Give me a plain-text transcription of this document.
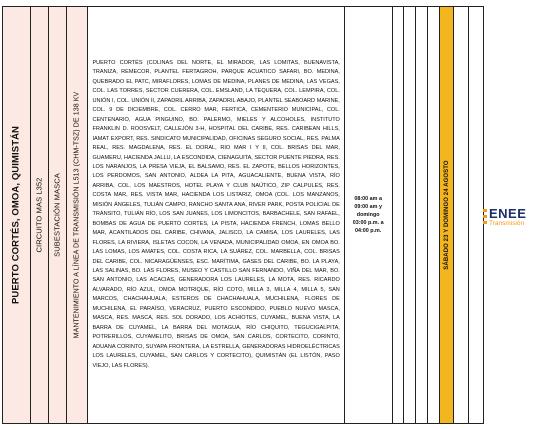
PUERTO CORTÉS, OMOA, QUIMISTÁN CIRCUITO MAS L352 SUBESTACIÓN MASCA MANTENIMIENTO A LÍNEA DE TRANSMISIÓN L513 (CHM-TSZ) DE 138 KV
PUERTO CORTÉS (COLINAS DEL NORTE, EL MIRADOR, LAS LOMITAS, BUENAVISTA, TRANIZA, REMECOR, PLANTEL FERTAGROH, PARQUE ACUATICO SAFARI, BO. MEDINA, QUEBRADO EL PATC, MIRAFLORES, LOMAS DE MEDINA, PLANES DE MEDINA, LAS VEGAS, COL. LAS TORRES, SECTOR CUERERA, COL. EMSLAND, LA TEQUERA, COL. LEMPIRA, COL. UNIÓN I, COL. UNIÓN II, ZAPADRIL ARRIBA, ZAPADRIL ABAJO, PLANTEL SEABOARD MARINE, COL. 9 DE DICIEMBRE, COL. CERRO MAR, FERTICA, CEMENTERIO MUNICIPAL, COL. CENTENARIO, AGUA PINGUINO, BO. PALERMO, MIELES Y ALCOHOLES, INSTITUTO FRANKLIN D. ROOSVELT, CALLEJÓN 3-H, HOSPITAL DEL CARIBE, RES. CARIBEAN HILLS, IAMAT EXPORT, RES. SINDICATO MUNICIPALIDAD, OFICINAS SEGURO SOCIAL, RES. PALMA REAL, RES. MAGDALENA, RES. EL DORAL, RIO MAR I Y II, COL. BRISAS DEL MAR, GUAMERU, HACIENDA JALLU, LA ESCONDIDA, CIENAGUITA, SECTOR PUENTE PIEDRA, RES. LOS NARANJOS, LA PRESA VIEJA, EL BALSAMO, RES. EL ZAPOTE, BELLOS HORIZONTES, LOS PERDOMOS, SAN ANTONIO, ALDEA LA PITA, AGUACALIENTE, BUENA VISTA, RÍO ARRIBA, COL. LOS MAESTROS, HOTEL PLAYA Y CLUB NAÚTICO, ZIP CALPULES, RES. COSTA MAR, RES. VISTA MAR, HACIENDA LOS LISTARIZ, OMOA (COL. LOS MANZANOS, MISIÓN ÁNGELES, TULIÁN CAMPO, RANCHO SANTA ANA, RIVER PARK, POSTA POLICIAL DE TRÁNSITO, TULIÁN RÍO, LOS SAN JUANES, LOS LIMONCITOS, BARBACHELE, SAN RAFAEL, BOMBAS DE AGUA DE PUERTO CORTES, LA PISTA, HACIENDA FRENCH, LOMAS BELLO MAR, ACANTILADOS DEL CARIBE, CHIVANA, JALISCO, LA CAMISA, LOS LAURELES, LAS FLORES, LA RIVIERA, ISLETAS COCON, LA VENADA, MUNICIPALIDAD OMOA, EN OMOA BO. LAS LOMAS, LOS AMATES, COL. COSTA RICA, LA SUÁREZ, COL. MARBELLA, COL. BRISAS DEL CARIBE, COL. NICARAGÜENSES, ESC. MARÍTIMA, GASES DEL CARIBE, BO. LA PLAYA, LAS SALINAS, BO. LAS FLORES, MUSEO Y CASTILLO SAN FERNANDO, VIÑA DEL MAR, BO. SAN ANTONIO, LAS ACACIAS, GENERADORA LOS LAURELES, LA MOTA, RES. RICARDO ALVARADO, RÍO AZUL, OMOA MOTRIQUE, RÍO COTO, MILLA 3, MILLA 4, MILLA 5, SAN MARCOS, CHACHAHUALA, ESTEROS DE CHACHAHUALA, MUCHILENA, FLORES DE MUCHILENA, EL PARAÍSO, VERACRUZ, PUERTO ESCONDIDO, PUEBLO NUEVO MASCA, MASCA, RES. MASCA, RES. SOL DORADO, LOS ACHIOTES, CUYAMEL, BUENA VISTA, LA BARRA DE CUYAMEL, LA BARRA DEL MOTAGUA, RÍO CHIQUITO, TEGUCIGALPITA, POTRERILLOS, CUYAMELITO, BRISAS DE OMOA, SAN CARLOS, CORTECITO, CORINTO, ADUANA CORINTO, SUYAPA FRONTERA, LA ESTRELLA, GENERADORAS HIDROELÉCTRICAS LOS LAURELES, CUYAMEL, SAN CARLOS Y CORTECITO), QUIMISTÁN (EL LISTÓN, PASO VIEJO, LAS FLORES).
08:00 am a
09:00 am y
domingo
03:00 p.m. a
04:00 p.m.	SÁBADO 23 Y DOMINGO 24 AGOSTO	ENEE
Transmisión
